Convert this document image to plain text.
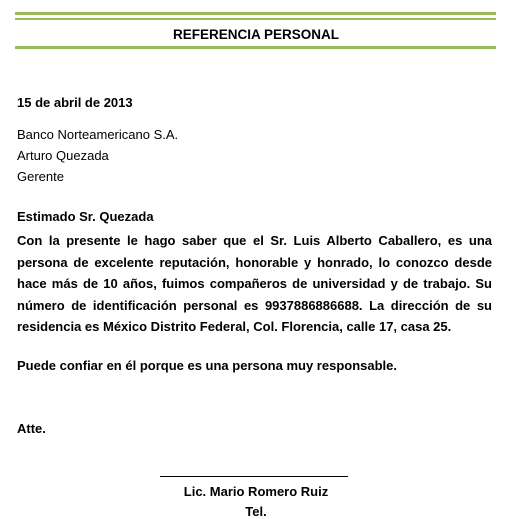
REFERENCIA PERSONAL
15 de abril de 2013
Banco Norteamericano S.A.
Arturo Quezada
Gerente
Estimado Sr. Quezada
Con la presente le hago saber que el Sr. Luis Alberto Caballero, es una persona de excelente reputación, honorable y honrado, lo conozco desde hace más de 10 años, fuimos compañeros de universidad y de trabajo. Su número de identificación personal es 9937886886688. La dirección de su residencia es México Distrito Federal, Col. Florencia, calle 17, casa 25.
Puede confiar en él porque es una persona muy responsable.
Atte.
Lic. Mario Romero Ruiz
Tel.
